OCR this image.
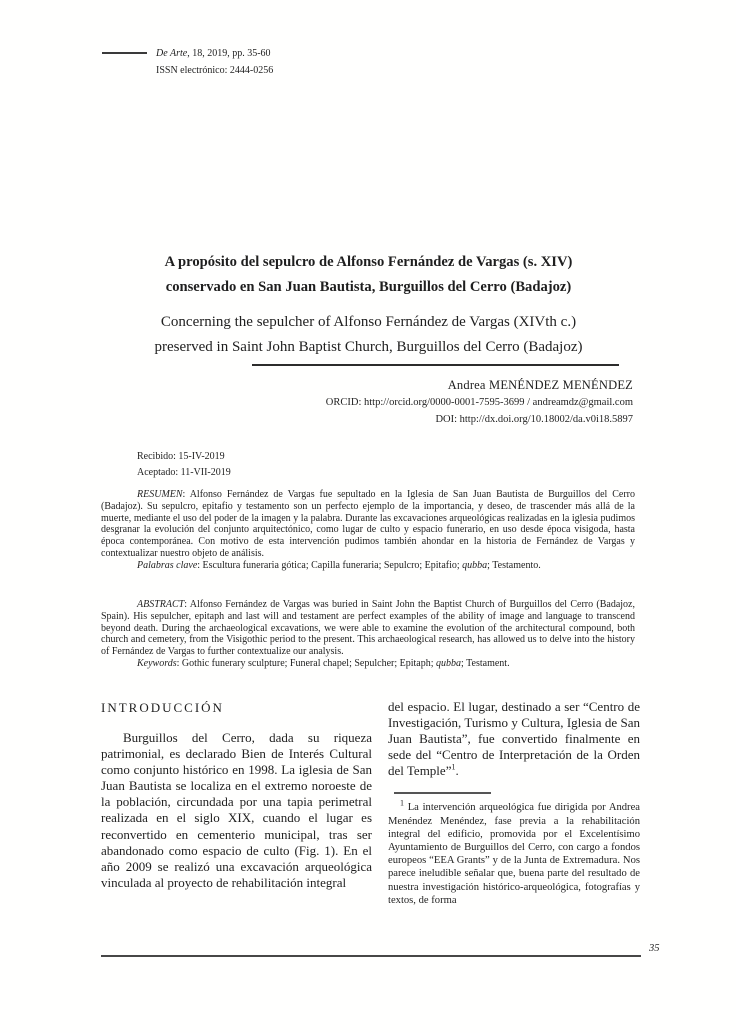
De Arte, 18, 2019, pp. 35-60
ISSN electrónico: 2444-0256
A propósito del sepulcro de Alfonso Fernández de Vargas (s. XIV)
conservado en San Juan Bautista, Burguillos del Cerro (Badajoz)
Concerning the sepulcher of Alfonso Fernández de Vargas (XIVth c.)
preserved in Saint John Baptist Church, Burguillos del Cerro (Badajoz)
Andrea MENÉNDEZ MENÉNDEZ
ORCID: http://orcid.org/0000-0001-7595-3699 / andreamdz@gmail.com
DOI: http://dx.doi.org/10.18002/da.v0i18.5897
Recibido: 15-IV-2019
Aceptado: 11-VII-2019

RESUMEN: Alfonso Fernández de Vargas fue sepultado en la Iglesia de San Juan Bautista de Burguillos del Cerro (Badajoz). Su sepulcro, epitafio y testamento son un perfecto ejemplo de la importancia, y deseo, de trascender más allá de la muerte, mediante el uso del poder de la imagen y la palabra. Durante las excavaciones arqueológicas realizadas en la iglesia pudimos desgranar la evolución del conjunto arquitectónico, como lugar de culto y espacio funerario, en uso desde época visigoda, hasta época contemporánea. Con motivo de esta intervención pudimos también ahondar en la historia de Fernández de Vargas y contextualizar nuestro objeto de análisis.

Palabras clave: Escultura funeraria gótica; Capilla funeraria; Sepulcro; Epitafio; qubba; Testamento.

ABSTRACT: Alfonso Fernández de Vargas was buried in Saint John the Baptist Church of Burguillos del Cerro (Badajoz, Spain). His sepulcher, epitaph and last will and testament are perfect examples of the ability of image and language to transcend beyond death. During the archaeological excavations, we were able to examine the evolution of the architectural compound, both church and cemetery, from the Visigothic period to the present. This archaeological research, has allowed us to delve into the history of Fernández de Vargas to further contextualize our analysis.

Keywords: Gothic funerary sculpture; Funeral chapel; Sepulcher; Epitaph; qubba; Testament.

INTRODUCCIÓN

Burguillos del Cerro, dada su riqueza patrimonial, es declarado Bien de Interés Cultural como conjunto histórico en 1998. La iglesia de San Juan Bautista se localiza en el extremo noroeste de la población, circundada por una tapia perimetral realizada en el siglo XIX, cuando el lugar es reconvertido en cementerio municipal, tras ser abandonado como espacio de culto (Fig. 1). En el año 2009 se realizó una excavación arqueológica vinculada al proyecto de rehabilitación integral

del espacio. El lugar, destinado a ser “Centro de Investigación, Turismo y Cultura, Iglesia de San Juan Bautista”, fue convertido finalmente en sede del “Centro de Interpretación de la Orden del Temple”$^1$.

$^1$ La intervención arqueológica fue dirigida por Andrea Menéndez Menéndez, fase previa a la rehabilitación integral del edificio, promovida por el Excelentísimo Ayuntamiento de Burguillos del Cerro, con cargo a fondos europeos “EEA Grants” y de la Junta de Extremadura. Nos parece ineludible señalar que, buena parte del resultado de nuestra investigación histórico-arqueológica, fotografías y textos, de forma

35
